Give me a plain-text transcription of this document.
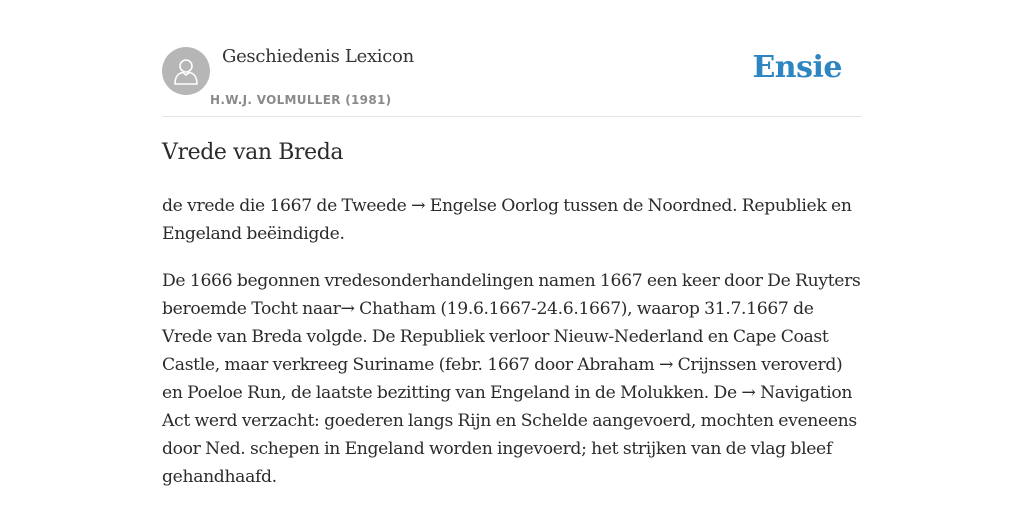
Geschiedenis Lexicon
H.W.J. VOLMULLER (1981)
Ensie
Vrede van Breda

de vrede die 1667 de Tweede → Engelse Oorlog tussen de Noordned. Republiek en Engeland beëindigde.

De 1666 begonnen vredesonderhandelingen namen 1667 een keer door De Ruyters beroemde Tocht naar→ Chatham (19.6.1667-24.6.1667), waarop 31.7.1667 de Vrede van Breda volgde. De Republiek verloor Nieuw-Nederland en Cape Coast Castle, maar verkreeg Suriname (febr. 1667 door Abraham → Crijnssen veroverd) en Poeloe Run, de laatste bezitting van Engeland in de Molukken. De → Navigation Act werd verzacht: goederen langs Rijn en Schelde aangevoerd, mochten eveneens door Ned. schepen in Engeland worden ingevoerd; het strijken van de vlag bleef gehandhaafd.
